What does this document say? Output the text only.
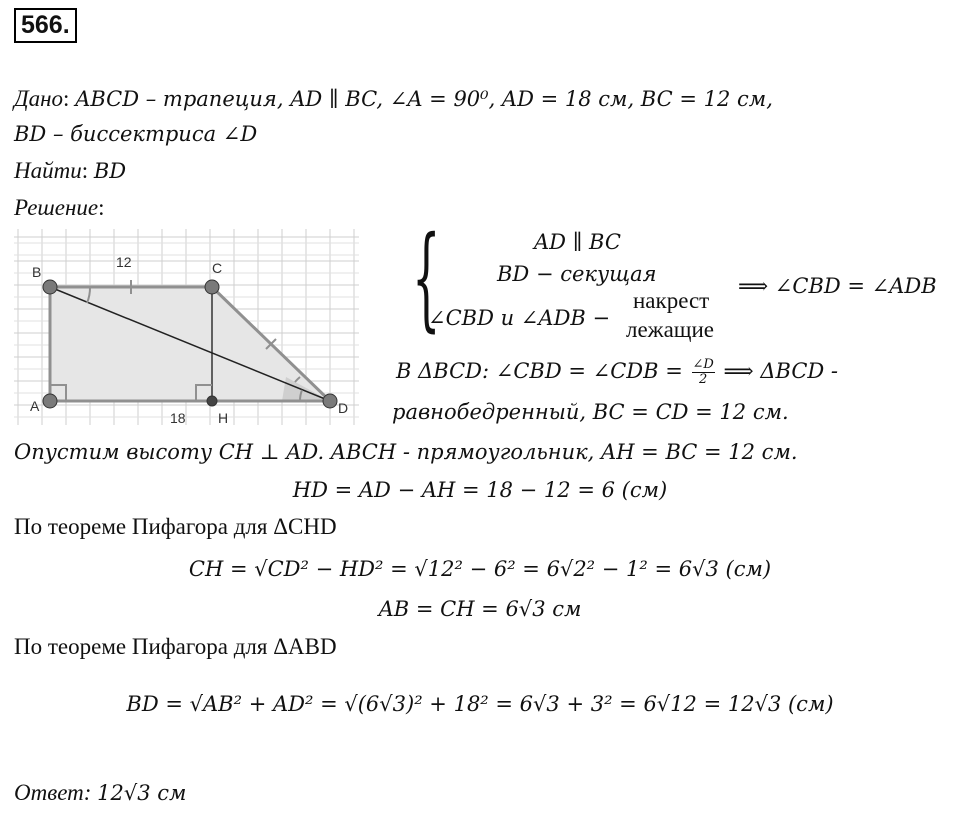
566.
Дано: ABCD – трапеция, AD ∥ BC, ∠A = 90⁰, AD = 18 см, BC = 12 см,
BD – биссектриса ∠D
Найти: BD
Решение:
B	C
A	D
H
12
18
{	AD ∥ BC
BD − секущая
∠CBD и ∠ADB −
накрест
лежащие
⟹ ∠CBD = ∠ADB
В ΔBCD: ∠CBD = ∠CDB = $\frac{\angle D}{2}$ ⟹ ΔBCD -
равнобедренный, BC = CD = 12 см.
Опустим высоту CH ⊥ AD. ABCH - прямоугольник, AH = BC = 12 см.
HD = AD − AH = 18 − 12 = 6 (см)
По теореме Пифагора для ΔCHD
CH = √CD² − HD² = √12² − 6² = 6√2² − 1² = 6√3 (см)
AB = CH = 6√3 см
По теореме Пифагора для ΔABD
BD = √AB² + AD² = √(6√3)² + 18² = 6√3 + 3² = 6√12 = 12√3 (см)
Ответ: 12√3 см
